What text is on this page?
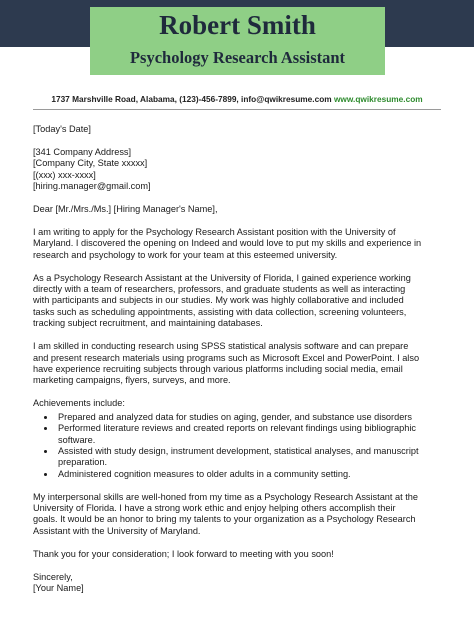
Robert Smith
Psychology Research Assistant
1737 Marshville Road, Alabama, (123)-456-7899, info@qwikresume.com www.qwikresume.com

[Today's Date]

[341 Company Address]
[Company City, State xxxxx]
[(xxx) xxx-xxxx]
[hiring.manager@gmail.com]

Dear [Mr./Mrs./Ms.] [Hiring Manager's Name],

I am writing to apply for the Psychology Research Assistant position with the University of
Maryland. I discovered the opening on Indeed and would love to put my skills and experience in
research and psychology to work for your team at this esteemed university.

As a Psychology Research Assistant at the University of Florida, I gained experience working
directly with a team of researchers, professors, and graduate students as well as interacting
with participants and subjects in our studies. My work was highly collaborative and included
tasks such as scheduling appointments, assisting with data collection, screening volunteers,
tracking subject recruitment, and maintaining databases.

I am skilled in conducting research using SPSS statistical analysis software and can prepare
and present research materials using programs such as Microsoft Excel and PowerPoint. I also
have experience recruiting subjects through various platforms including social media, email
marketing campaigns, flyers, surveys, and more.

Achievements include:

• Prepared and analyzed data for studies on aging, gender, and substance use disorders
• Performed literature reviews and created reports on relevant findings using bibliographic
software.
• Assisted with study design, instrument development, statistical analyses, and manuscript
preparation.
• Administered cognition measures to older adults in a community setting.

My interpersonal skills are well-honed from my time as a Psychology Research Assistant at the
University of Florida. I have a strong work ethic and enjoy helping others accomplish their
goals. It would be an honor to bring my talents to your organization as a Psychology Research
Assistant with the University of Maryland.

Thank you for your consideration; I look forward to meeting with you soon!

Sincerely,
[Your Name]
